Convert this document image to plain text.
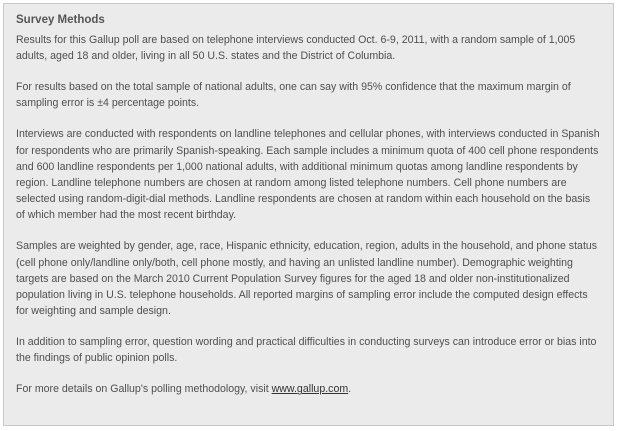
Survey Methods

Results for this Gallup poll are based on telephone interviews conducted Oct. 6-9, 2011, with a random sample of 1,005 adults, aged 18 and older, living in all 50 U.S. states and the District of Columbia.

For results based on the total sample of national adults, one can say with 95% confidence that the maximum margin of sampling error is ±4 percentage points.

Interviews are conducted with respondents on landline telephones and cellular phones, with interviews conducted in Spanish for respondents who are primarily Spanish-speaking. Each sample includes a minimum quota of 400 cell phone respondents and 600 landline respondents per 1,000 national adults, with additional minimum quotas among landline respondents by region. Landline telephone numbers are chosen at random among listed telephone numbers. Cell phone numbers are selected using random-digit-dial methods. Landline respondents are chosen at random within each household on the basis of which member had the most recent birthday.

Samples are weighted by gender, age, race, Hispanic ethnicity, education, region, adults in the household, and phone status (cell phone only/landline only/both, cell phone mostly, and having an unlisted landline number). Demographic weighting targets are based on the March 2010 Current Population Survey figures for the aged 18 and older non-institutionalized population living in U.S. telephone households. All reported margins of sampling error include the computed design effects for weighting and sample design.

In addition to sampling error, question wording and practical difficulties in conducting surveys can introduce error or bias into the findings of public opinion polls.

For more details on Gallup's polling methodology, visit www.gallup.com.
